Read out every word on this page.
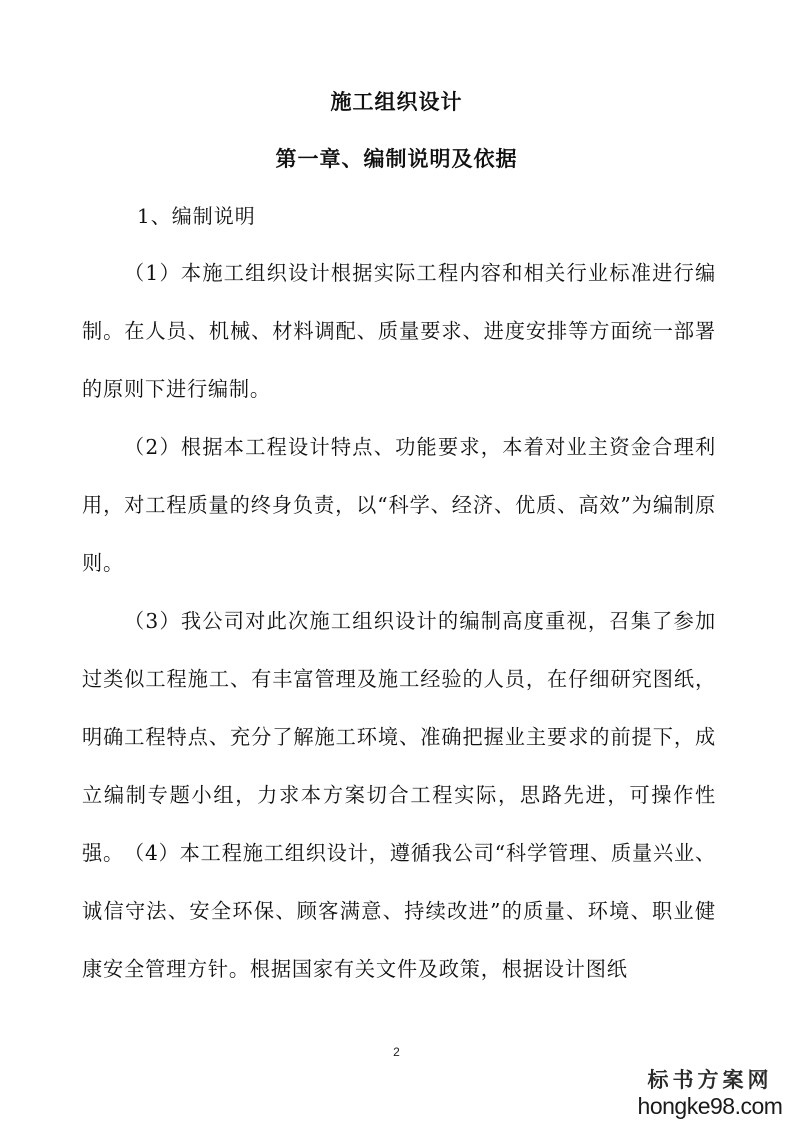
施工组织设计
第一章、编制说明及依据
1、编制说明

（1）本施工组织设计根据实际工程内容和相关行业标准进行编制。在人员、机械、材料调配、质量要求、进度安排等方面统一部署的原则下进行编制。

（2）根据本工程设计特点、功能要求，本着对业主资金合理利用，对工程质量的终身负责，以“科学、经济、优质、高效”为编制原则。

（3）我公司对此次施工组织设计的编制高度重视，召集了参加过类似工程施工、有丰富管理及施工经验的人员，在仔细研究图纸，明确工程特点、充分了解施工环境、准确把握业主要求的前提下，成立编制专题小组，力求本方案切合工程实际，思路先进，可操作性强。 （4）本工程施工组织设计，遵循我公司“科学管理、质量兴业、诚信守法、安全环保、顾客满意、持续改进”的质量、环境、职业健康安全管理方针。根据国家有关文件及政策，根据设计图纸

2
标书方案网
hongke98.com
